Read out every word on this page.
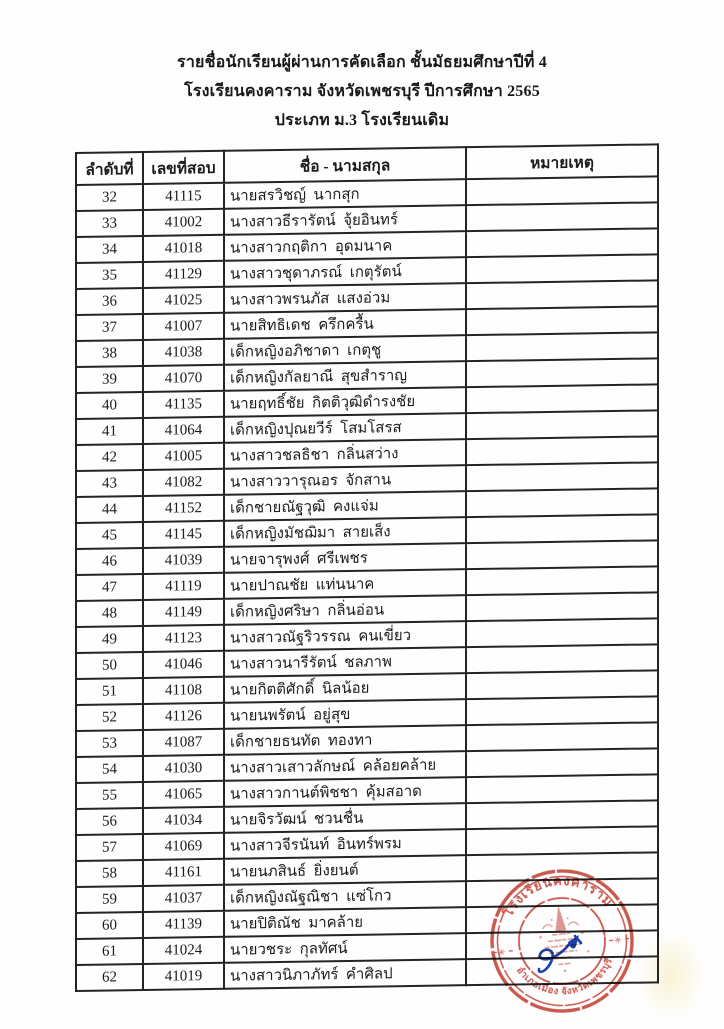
รายชื่อนักเรียนผู้ผ่านการคัดเลือก ชั้นมัธยมศึกษาปีที่ 4
โรงเรียนคงคาราม จังหวัดเพชรบุรี ปีการศึกษา 2565
ประเภท ม.3 โรงเรียนเดิม
ลำดับที่	เลขที่สอบ	ชื่อ - นามสกุล	หมายเหตุ
32	41115	นายสรวิชญ์  นากสุก	
33	41002	นางสาวธีรารัตน์  จุ้ยอินทร์	
34	41018	นางสาวกฤติกา  อุดมนาค	
35	41129	นางสาวชุดาภรณ์  เกตุรัตน์	
36	41025	นางสาวพรนภัส  แสงอ่วม	
37	41007	นายสิทธิเดช  ครึกครื้น	
38	41038	เด็กหญิงอภิชาดา  เกตุชู	
39	41070	เด็กหญิงกัลยาณี  สุขสำราญ	
40	41135	นายฤทธิ์ชัย  กิตติวุฒิดำรงชัย	
41	41064	เด็กหญิงปุณยวีร์  โสมโสรส	
42	41005	นางสาวชลธิชา  กลิ่นสว่าง	
43	41082	นางสาววารุณอร  จักสาน	
44	41152	เด็กชายณัฐวุฒิ  คงแจ่ม	
45	41145	เด็กหญิงมัชฌิมา  สายเส็ง	
46	41039	นายจารุพงศ์  ศรีเพชร	
47	41119	นายปาณชัย  แท่นนาค	
48	41149	เด็กหญิงศริษา  กลิ่นอ่อน	
49	41123	นางสาวณัฐริวรรณ  คนเขี่ยว	
50	41046	นางสาวนารีรัตน์  ชลภาพ	
51	41108	นายกิตติศักดิ์  นิลน้อย	
52	41126	นายนพรัตน์  อยู่สุข	
53	41087	เด็กชายธนทัต  ทองทา	
54	41030	นางสาวเสาวลักษณ์  คล้อยคล้าย	
55	41065	นางสาวกานต์พิชชา  คุ้มสอาด	
56	41034	นายจิรวัฒน์  ชวนชื่น	
57	41069	นางสาวจีรนันท์  อินทร์พรม	
58	41161	นายนภสินธ์  ยิ่งยนต์	
59	41037	เด็กหญิงณัฐณิชา  แซ่โกว	
60	41139	นายปิติณัช  มาคล้าย	
61	41024	นายวชระ  กุลทัศน์	
62	41019	นางสาวนิภาภัทร์  คำศิลป	
โรงเรียนคงคาราม
อำเภอเมือง จังหวัดเพชรบุรี
✳
✳
